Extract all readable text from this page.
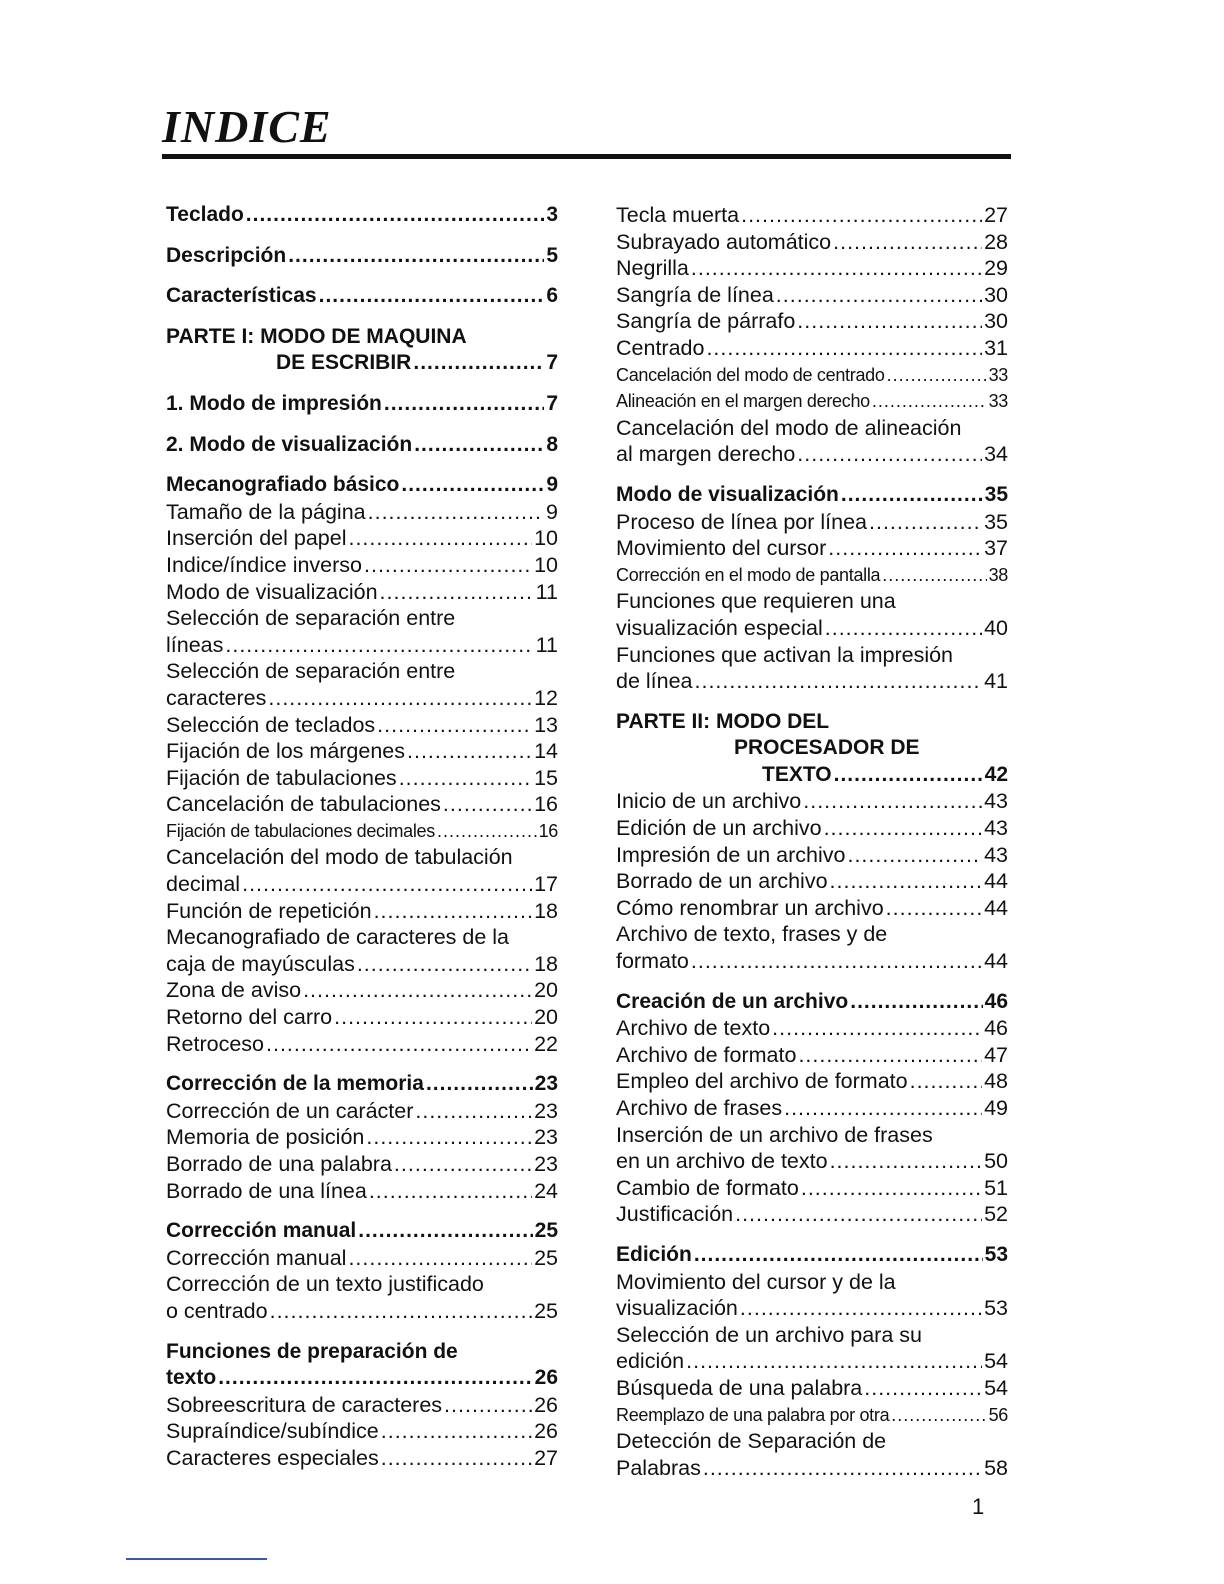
INDICE
Teclado .....	3
Descripción .....	5
Características .....	6
PARTE I: MODO DE MAQUINA
DE ESCRIBIR .....	7
1. Modo de impresión .....	7
2. Modo de visualización .....	8
Mecanografiado básico .....	9
Tamaño de la página .....	9
Inserción del papel .....	10
Indice/índice inverso .....	10
Modo de visualización .....	11
Selección de separación entre
líneas .....	11
Selección de separación entre
caracteres .....	12
Selección de teclados .....	13
Fijación de los márgenes .....	14
Fijación de tabulaciones .....	15
Cancelación de tabulaciones .....	16
Fijación de tabulaciones decimales .....	16
Cancelación del modo de tabulación
decimal .....	17
Función de repetición .....	18
Mecanografiado de caracteres de la
caja de mayúsculas .....	18
Zona de aviso .....	20
Retorno del carro .....	20
Retroceso .....	22
Corrección de la memoria .....	23
Corrección de un carácter .....	23
Memoria de posición .....	23
Borrado de una palabra .....	23
Borrado de una línea .....	24
Corrección manual .....	25
Corrección manual .....	25
Corrección de un texto justificado
o centrado .....	25
Funciones de preparación de
texto .....	26
Sobreescritura de caracteres .....	26
Supraíndice/subíndice .....	26
Caracteres especiales .....	27
Tecla muerta .....	27
Subrayado automático .....	28
Negrilla .....	29
Sangría de línea .....	30
Sangría de párrafo .....	30
Centrado .....	31
Cancelación del modo de centrado .....	33
Alineación en el margen derecho .....	33
Cancelación del modo de alineación
al margen derecho .....	34
Modo de visualización .....	35
Proceso de línea por línea .....	35
Movimiento del cursor .....	37
Corrección en el modo de pantalla .....	38
Funciones que requieren una
visualización especial .....	40
Funciones que activan la impresión
de línea .....	41
PARTE II: MODO DEL
PROCESADOR DE
TEXTO .....	42
Inicio de un archivo .....	43
Edición de un archivo .....	43
Impresión de un archivo .....	43
Borrado de un archivo .....	44
Cómo renombrar un archivo .....	44
Archivo de texto, frases y de
formato .....	44
Creación de un archivo .....	46
Archivo de texto .....	46
Archivo de formato .....	47
Empleo del archivo de formato .....	48
Archivo de frases .....	49
Inserción de un archivo de frases
en un archivo de texto .....	50
Cambio de formato .....	51
Justificación .....	52
Edición .....	53
Movimiento del cursor y de la
visualización .....	53
Selección de un archivo para su
edición .....	54
Búsqueda de una palabra .....	54
Reemplazo de una palabra por otra .....	56
Detección de Separación de
Palabras .....	58
1
